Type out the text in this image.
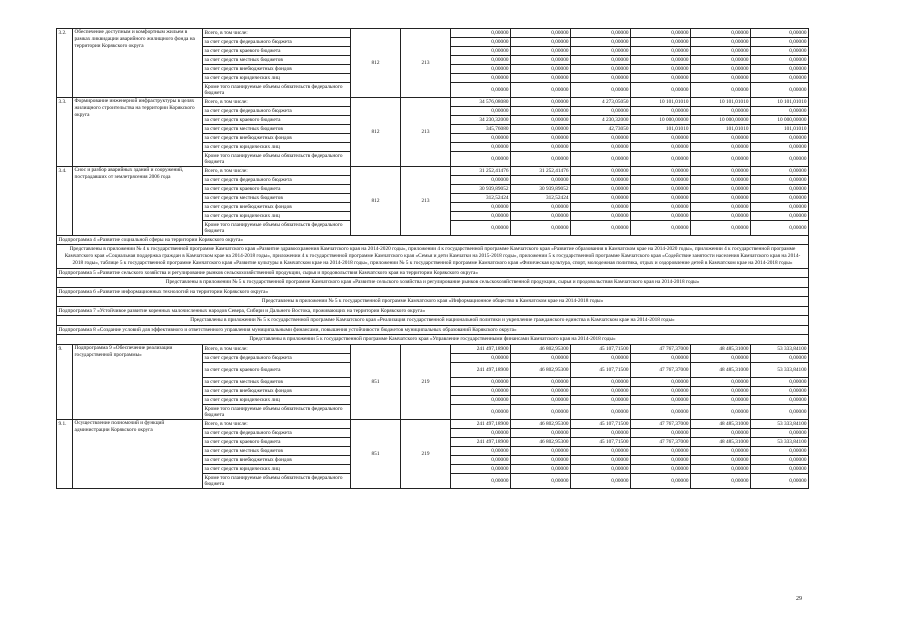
3.2.	Обеспечение доступным и комфортным жильем в рамках ликвидации аварийного жилищного фонда на территории Корякского округа	Всего, в том числе:	812	213	0,00000	0,00000	0,00000	0,00000	0,00000	0,00000
		за счет средств федерального бюджета			0,00000	0,00000	0,00000	0,00000	0,00000	0,00000
		за счет средств краевого бюджета			0,00000	0,00000	0,00000	0,00000	0,00000	0,00000
		за счет средств местных бюджетов			0,00000	0,00000	0,00000	0,00000	0,00000	0,00000
		за счет средств внебюджетных фондов			0,00000	0,00000	0,00000	0,00000	0,00000	0,00000
		за счет средств юридических лиц			0,00000	0,00000	0,00000	0,00000	0,00000	0,00000
		Кроме того планируемые объемы обязательств федерального бюджета			0,00000	0,00000	0,00000	0,00000	0,00000	0,00000
3.3.	Формирование инженерной инфраструктуры в целях жилищного строительства на территории Корякского округа	Всего, в том числе:	812	213	34 576,08080	0,00000	4 273,05050	10 101,01010	10 101,01010	10 101,01010
		за счет средств федерального бюджета			0,00000	0,00000	0,00000	0,00000	0,00000	0,00000
		за счет средств краевого бюджета			34 230,32000	0,00000	4 230,32000	10 000,00000	10 000,00000	10 000,00000
		за счет средств местных бюджетов			345,76080	0,00000	42,73050	101,01010	101,01010	101,01010
		за счет средств внебюджетных фондов			0,00000	0,00000	0,00000	0,00000	0,00000	0,00000
		за счет средств юридических лиц			0,00000	0,00000	0,00000	0,00000	0,00000	0,00000
		Кроме того планируемые объемы обязательств федерального бюджета			0,00000	0,00000	0,00000	0,00000	0,00000	0,00000
3.4.	Снос и разбор аварийных зданий и сооружений, пострадавших от землетрясения 2006 года	Всего, в том числе:	812	213	31 252,41476	31 252,41476	0,00000	0,00000	0,00000	0,00000
		за счет средств федерального бюджета			0,00000	0,00000	0,00000	0,00000	0,00000	0,00000
		за счет средств краевого бюджета			30 939,89052	30 939,89052	0,00000	0,00000	0,00000	0,00000
		за счет средств местных бюджетов			312,52424	312,52424	0,00000	0,00000	0,00000	0,00000
		за счет средств внебюджетных фондов			0,00000	0,00000	0,00000	0,00000	0,00000	0,00000
		за счет средств юридических лиц			0,00000	0,00000	0,00000	0,00000	0,00000	0,00000
		Кроме того планируемые объемы обязательств федерального бюджета			0,00000	0,00000	0,00000	0,00000	0,00000	0,00000
Подпрограмма 4 «Развитие социальной сферы на территории Корякского округа»										
Представлены в приложении № 4 к государственной программе Камчатского края «Развитие здравоохранения Камчатского края на 2014-2020 годы», приложении 4 к государственной программе Камчатского края «Развитие образования в Камчатском крае на 2014-2020 годы», приложении 4 к государственной программе Камчатского края «Социальная поддержка граждан в Камчатском крае на 2014-2018 годы», приложении 4 к государственной программе Камчатского края «Семья и дети Камчатки на 2015-2018 годы», приложении 5 к государственной программе Камчатского края «Содействие занятости населения Камчатского края на 2014-2018 годы», таблице 5 к государственной программе Камчатского края «Развитие культуры в Камчатском крае на 2014-2018 годы», приложении № 5 к государственной программе Камчатского края «Физическая культура, спорт, молодежная политика, отдых и оздоровление детей в Камчатском крае на 2014-2018 годы»										
Подпрограмма 5 «Развитие сельского хозяйства и регулирование рынков сельскохозяйственной продукции, сырья и продовольствия Камчатского края на территории Корякского округа»										
Представлены в приложении № 5 к государственной программе Камчатского края «Развитие сельского хозяйства и регулирование рынков сельскохозяйственной продукции, сырья и продовольствия Камчатского края на 2014-2018 годы»										
Подпрограмма 6 «Развитие информационных технологий на территории Корякского округа»										
Представлены в приложении № 5 к государственной программе Камчатского края «Информационное общество в Камчатском крае на 2014-2018 годы»										
Подпрограмма 7 «Устойчивое развитие коренных малочисленных народов Севера, Сибири и Дальнего Востока, проживающих на территории Корякского округа»										
Представлены в приложении № 5 к государственной программе Камчатского края «Реализация государственной национальной политики и укрепление гражданского единства в Камчатском крае на 2014-2018 годы»										
Подпрограмма 8 «Создание условий для эффективного и ответственного управления муниципальными финансами, повышения устойчивости бюджетов муниципальных образований Корякского округа»										
Представлены в приложении 5 к государственной программе Камчатского края «Управление государственными финансами Камчатского края на 2014-2018 годы»										
9.	Подпрограмма 9 «Обеспечение реализации государственной программы»	Всего, в том числе:	851	219	241 497,18900	46 802,95300	45 107,71500	47 767,37000	48 485,31000	53 333,84100
		за счет средств федерального бюджета			0,00000	0,00000	0,00000	0,00000	0,00000	0,00000
		за счет средств краевого бюджета			241 497,18900	46 802,95300	45 107,71500	47 767,37000	48 485,31000	53 333,84100
		за счет средств местных бюджетов			0,00000	0,00000	0,00000	0,00000	0,00000	0,00000
		за счет средств внебюджетных фондов			0,00000	0,00000	0,00000	0,00000	0,00000	0,00000
		за счет средств юридических лиц			0,00000	0,00000	0,00000	0,00000	0,00000	0,00000
		Кроме того планируемые объемы обязательств федерального бюджета			0,00000	0,00000	0,00000	0,00000	0,00000	0,00000
9.1.	Осуществление полномочий и функций администрации Корякского округа	Всего, в том числе:	851	219	241 497,18900	46 802,95300	45 107,71500	47 767,37000	48 485,31000	53 333,84100
		за счет средств федерального бюджета			0,00000	0,00000	0,00000	0,00000	0,00000	0,00000
		за счет средств краевого бюджета			241 497,18900	46 802,95300	45 107,71500	47 767,37000	48 485,31000	53 333,84100
		за счет средств местных бюджетов			0,00000	0,00000	0,00000	0,00000	0,00000	0,00000
		за счет средств внебюджетных фондов			0,00000	0,00000	0,00000	0,00000	0,00000	0,00000
		за счет средств юридических лиц			0,00000	0,00000	0,00000	0,00000	0,00000	0,00000
		Кроме того планируемые объемы обязательств федерального бюджета			0,00000	0,00000	0,00000	0,00000	0,00000	0,00000
29
